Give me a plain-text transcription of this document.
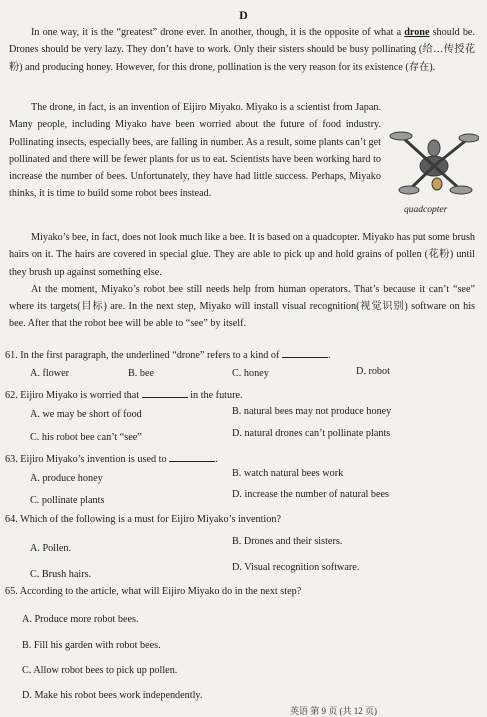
D

In one way, it is the “greatest” drone ever. In another, though, it is the opposite of what a drone should be. Drones should be very lazy. They don’t have to work. Only their sisters should be busy pollinating (给…传授花粉) and producing honey. However, for this drone, pollination is the very reason for its existence (存在).

The drone, in fact, is an invention of Eijiro Miyako. Miyako is a scientist from Japan. Many people, including Miyako have been worried about the future of food industry. Pollinating insects, especially bees, are falling in number. As a result, some plants can’t get pollinated and there will be fewer plants for us to eat. Scientists have been working hard to increase the number of bees. Unfortunately, they have had little success. Perhaps, Miyako thinks, it is time to build some robot bees instead.

quadcopter

Miyako’s bee, in fact, does not look much like a bee. It is based on a quadcopter. Miyako has put some brush hairs on it. The hairs are covered in special glue. They are able to pick up and hold grains of pollen (花粉) until they brush up against something else.

At the moment, Miyako’s robot bee still needs help from human operators. That’s because it can’t “see” where its targets(目标) are. In the next step, Miyako will install visual recognition(视觉识别) software on his bee. After that the robot bee will be able to “see” by itself.

61. In the first paragraph, the underlined “drone” refers to a kind of	.
A. flower	B. bee	C. honey	D. robot
62. Eijiro Miyako is worried that	in the future.
A. we may be short of food	B. natural bees may not produce honey
C. his robot bee can’t “see”	D. natural drones can’t pollinate plants
63. Eijiro Miyako’s invention is used to	.
A. produce honey	B. watch natural bees work
C. pollinate plants
D. increase the number of natural bees
64. Which of the following is a must for Eijiro Miyako’s invention?
A. Pollen.
B. Drones and their sisters.
C. Brush hairs.
D. Visual recognition software.
65. According to the article, what will Eijiro Miyako do in the next step?
A. Produce more robot bees.
B. Fill his garden with robot bees.
C. Allow robot bees to pick up pollen.
D. Make his robot bees work independently.
英语 第 9 页 (共 12 页)
